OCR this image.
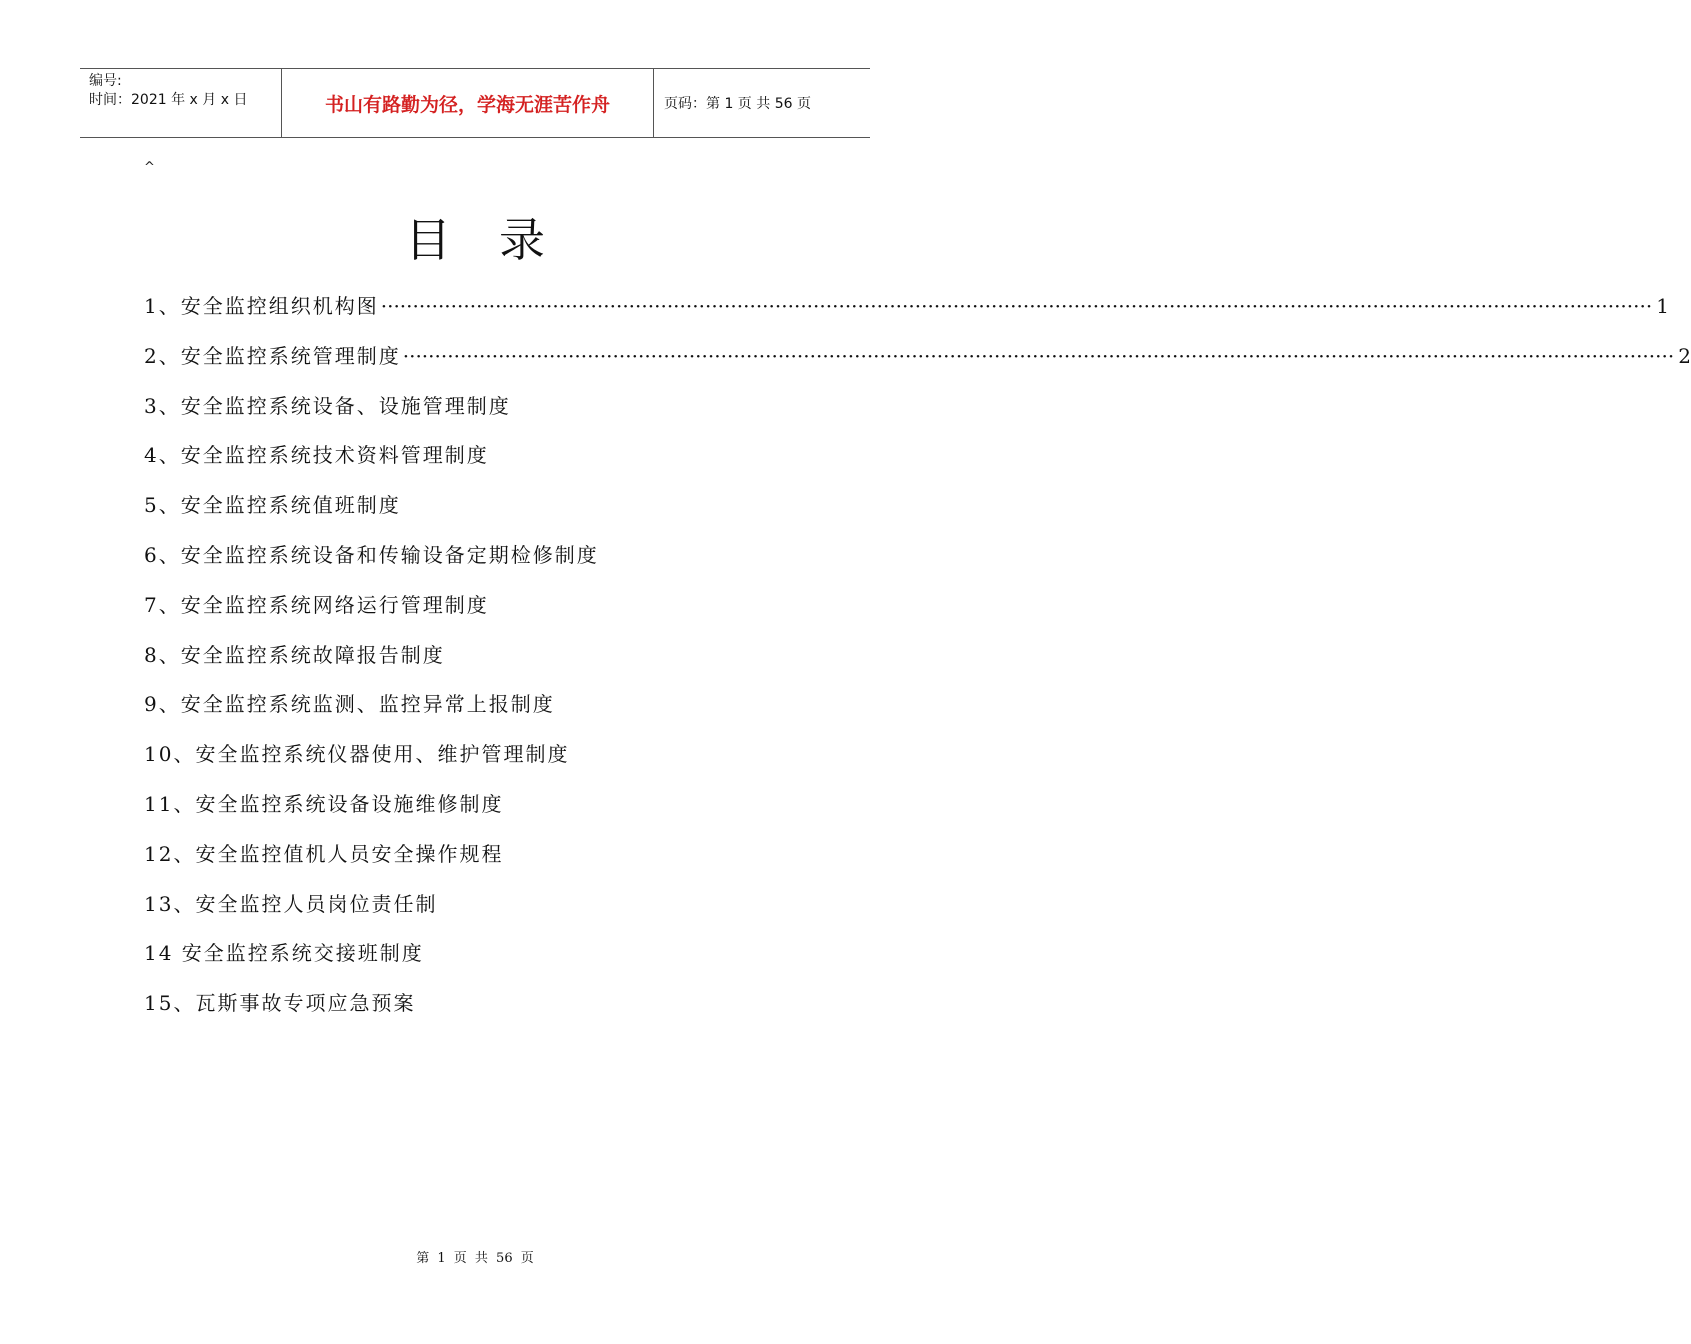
编号:
时间：2021 年 x 月 x 日	书山有路勤为径，学海无涯苦作舟	页码：第 1 页 共 56 页
^
目录
1、安全监控组织机构图 ········································································································································································································ 1
2、安全监控系统管理制度 ········································································································································································································ 2
3、安全监控系统设备、设施管理制度
4、安全监控系统技术资料管理制度
5、安全监控系统值班制度
6、安全监控系统设备和传输设备定期检修制度
7、安全监控系统网络运行管理制度
8、安全监控系统故障报告制度
9、安全监控系统监测、监控异常上报制度
10、安全监控系统仪器使用、维护管理制度
11、安全监控系统设备设施维修制度
12、安全监控值机人员安全操作规程
13、安全监控人员岗位责任制
14 安全监控系统交接班制度
15、瓦斯事故专项应急预案
第 1 页 共 56 页
